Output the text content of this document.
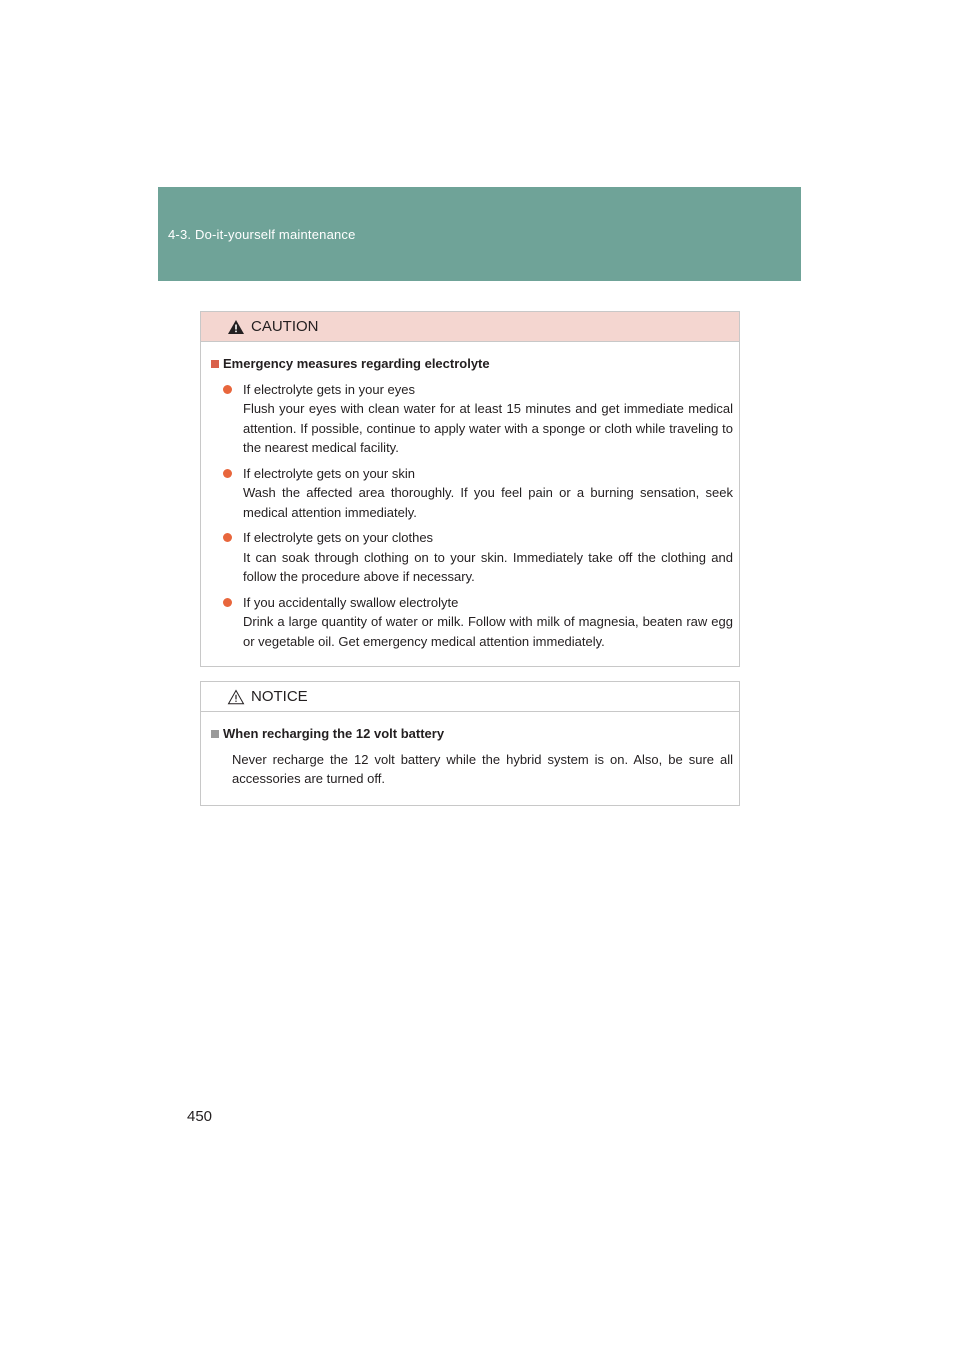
4-3. Do-it-yourself maintenance
CAUTION
Emergency measures regarding electrolyte
If electrolyte gets in your eyes
Flush your eyes with clean water for at least 15 minutes and get immediate medical attention. If possible, continue to apply water with a sponge or cloth while traveling to the nearest medical facility.
If electrolyte gets on your skin
Wash the affected area thoroughly. If you feel pain or a burning sensation, seek medical attention immediately.
If electrolyte gets on your clothes
It can soak through clothing on to your skin. Immediately take off the clothing and follow the procedure above if necessary.
If you accidentally swallow electrolyte
Drink a large quantity of water or milk. Follow with milk of magnesia, beaten raw egg or vegetable oil. Get emergency medical attention immediately.
NOTICE
When recharging the 12 volt battery
Never recharge the 12 volt battery while the hybrid system is on. Also, be sure all accessories are turned off.
450
